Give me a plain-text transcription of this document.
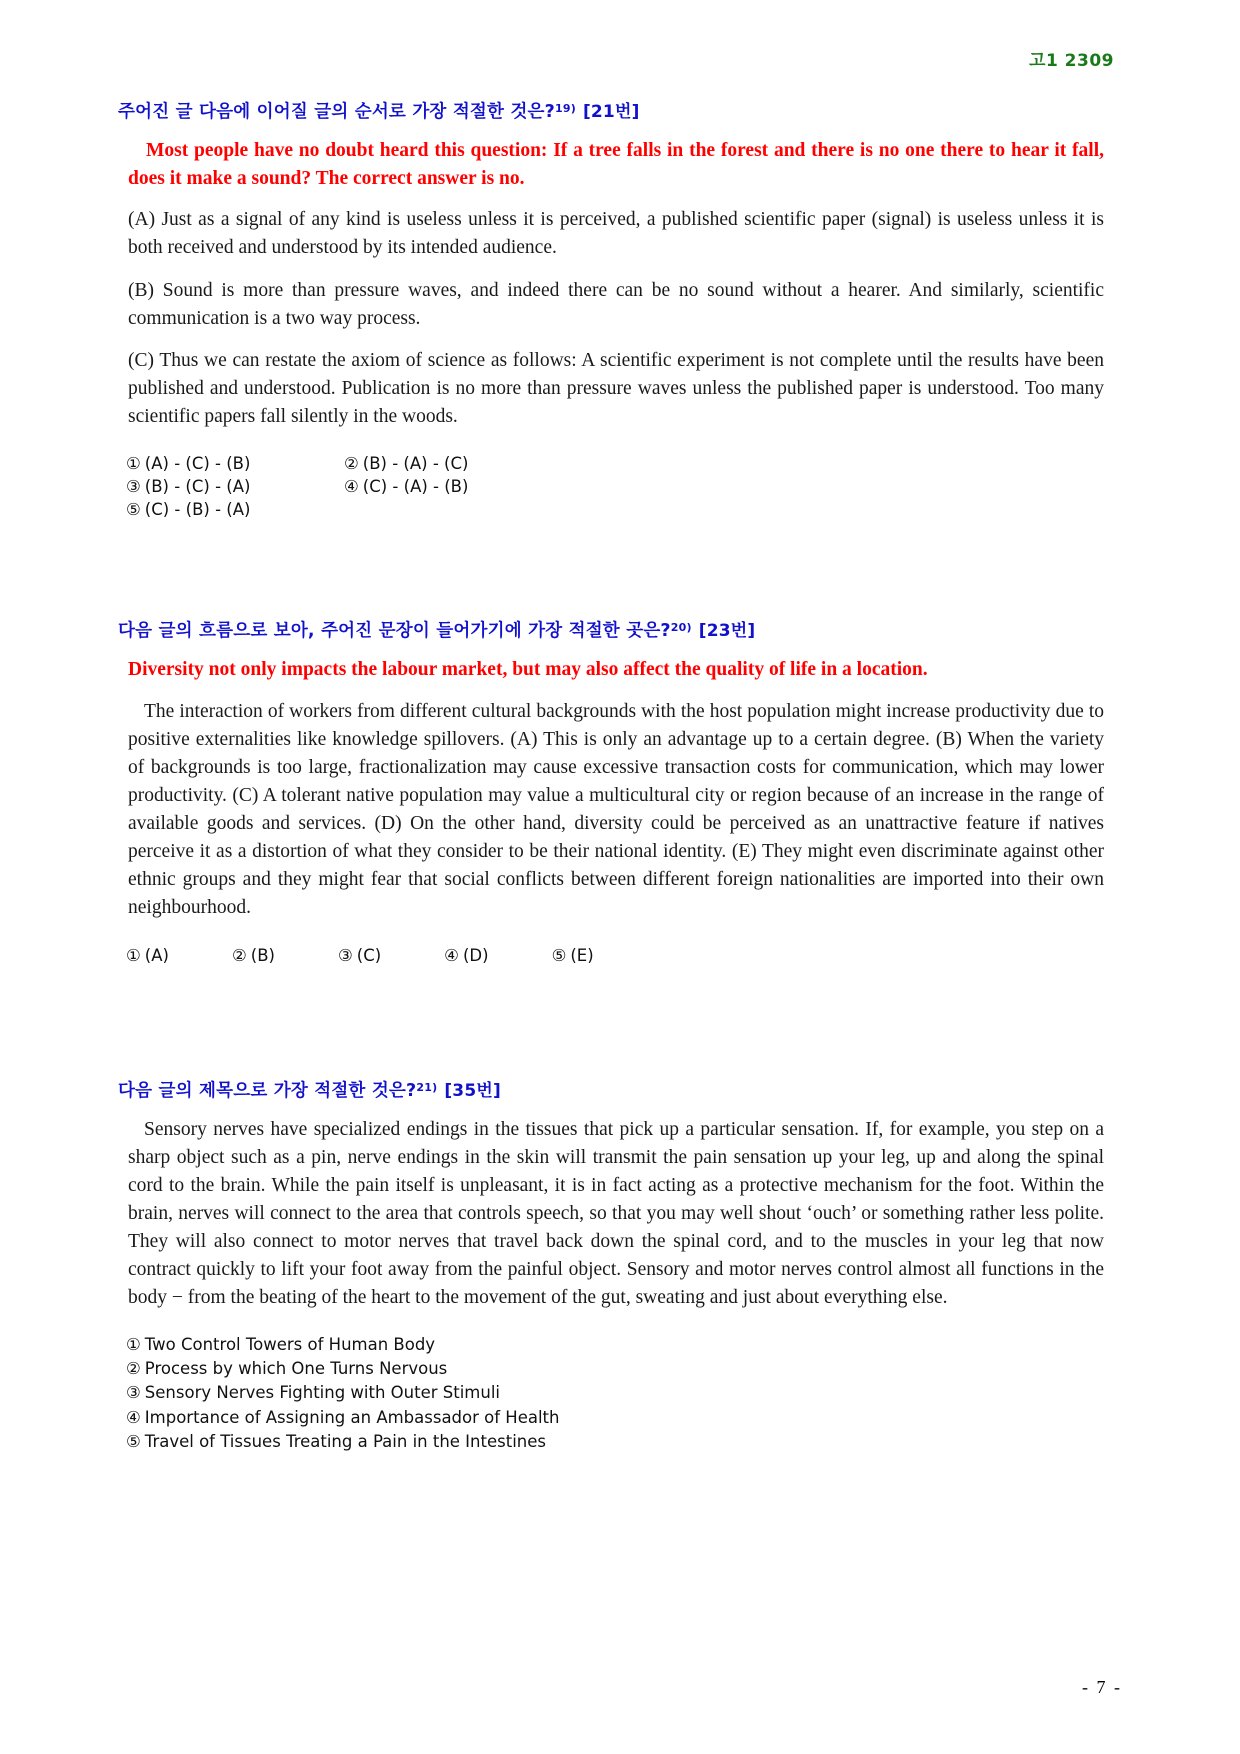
고1 2309
주어진 글 다음에 이어질 글의 순서로 가장 적절한 것은?$^{19)}$ [21번]
Most people have no doubt heard this question: If a tree falls in the forest and there is no one there to hear it fall, does it make a sound? The correct answer is no.
(A) Just as a signal of any kind is useless unless it is perceived, a published scientific paper (signal) is useless unless it is both received and understood by its intended audience.
(B) Sound is more than pressure waves, and indeed there can be no sound without a hearer. And similarly, scientific communication is a two way process.
(C) Thus we can restate the axiom of science as follows: A scientific experiment is not complete until the results have been published and understood. Publication is no more than pressure waves unless the published paper is understood. Too many scientific papers fall silently in the woods.
① (A) - (C) - (B)	② (B) - (A) - (C)
③ (B) - (C) - (A)	④ (C) - (A) - (B)
⑤ (C) - (B) - (A)
다음 글의 흐름으로 보아, 주어진 문장이 들어가기에 가장 적절한 곳은?$^{20)}$ [23번]
Diversity not only impacts the labour market, but may also affect the quality of life in a location.
The interaction of workers from different cultural backgrounds with the host population might increase productivity due to positive externalities like knowledge spillovers. (A) This is only an advantage up to a certain degree. (B) When the variety of backgrounds is too large, fractionalization may cause excessive transaction costs for communication, which may lower productivity. (C) A tolerant native population may value a multicultural city or region because of an increase in the range of available goods and services. (D) On the other hand, diversity could be perceived as an unattractive feature if natives perceive it as a distortion of what they consider to be their national identity. (E) They might even discriminate against other ethnic groups and they might fear that social conflicts between different foreign nationalities are imported into their own neighbourhood.
① (A)	② (B)	③ (C)	④ (D)	⑤ (E)
다음 글의 제목으로 가장 적절한 것은?$^{21)}$ [35번]
Sensory nerves have specialized endings in the tissues that pick up a particular sensation. If, for example, you step on a sharp object such as a pin, nerve endings in the skin will transmit the pain sensation up your leg, up and along the spinal cord to the brain. While the pain itself is unpleasant, it is in fact acting as a protective mechanism for the foot. Within the brain, nerves will connect to the area that controls speech, so that you may well shout ‘ouch’ or something rather less polite. They will also connect to motor nerves that travel back down the spinal cord, and to the muscles in your leg that now contract quickly to lift your foot away from the painful object. Sensory and motor nerves control almost all functions in the body − from the beating of the heart to the movement of the gut, sweating and just about everything else.
① Two Control Towers of Human Body
② Process by which One Turns Nervous
③ Sensory Nerves Fighting with Outer Stimuli
④ Importance of Assigning an Ambassador of Health
⑤ Travel of Tissues Treating a Pain in the Intestines
- 7 -
